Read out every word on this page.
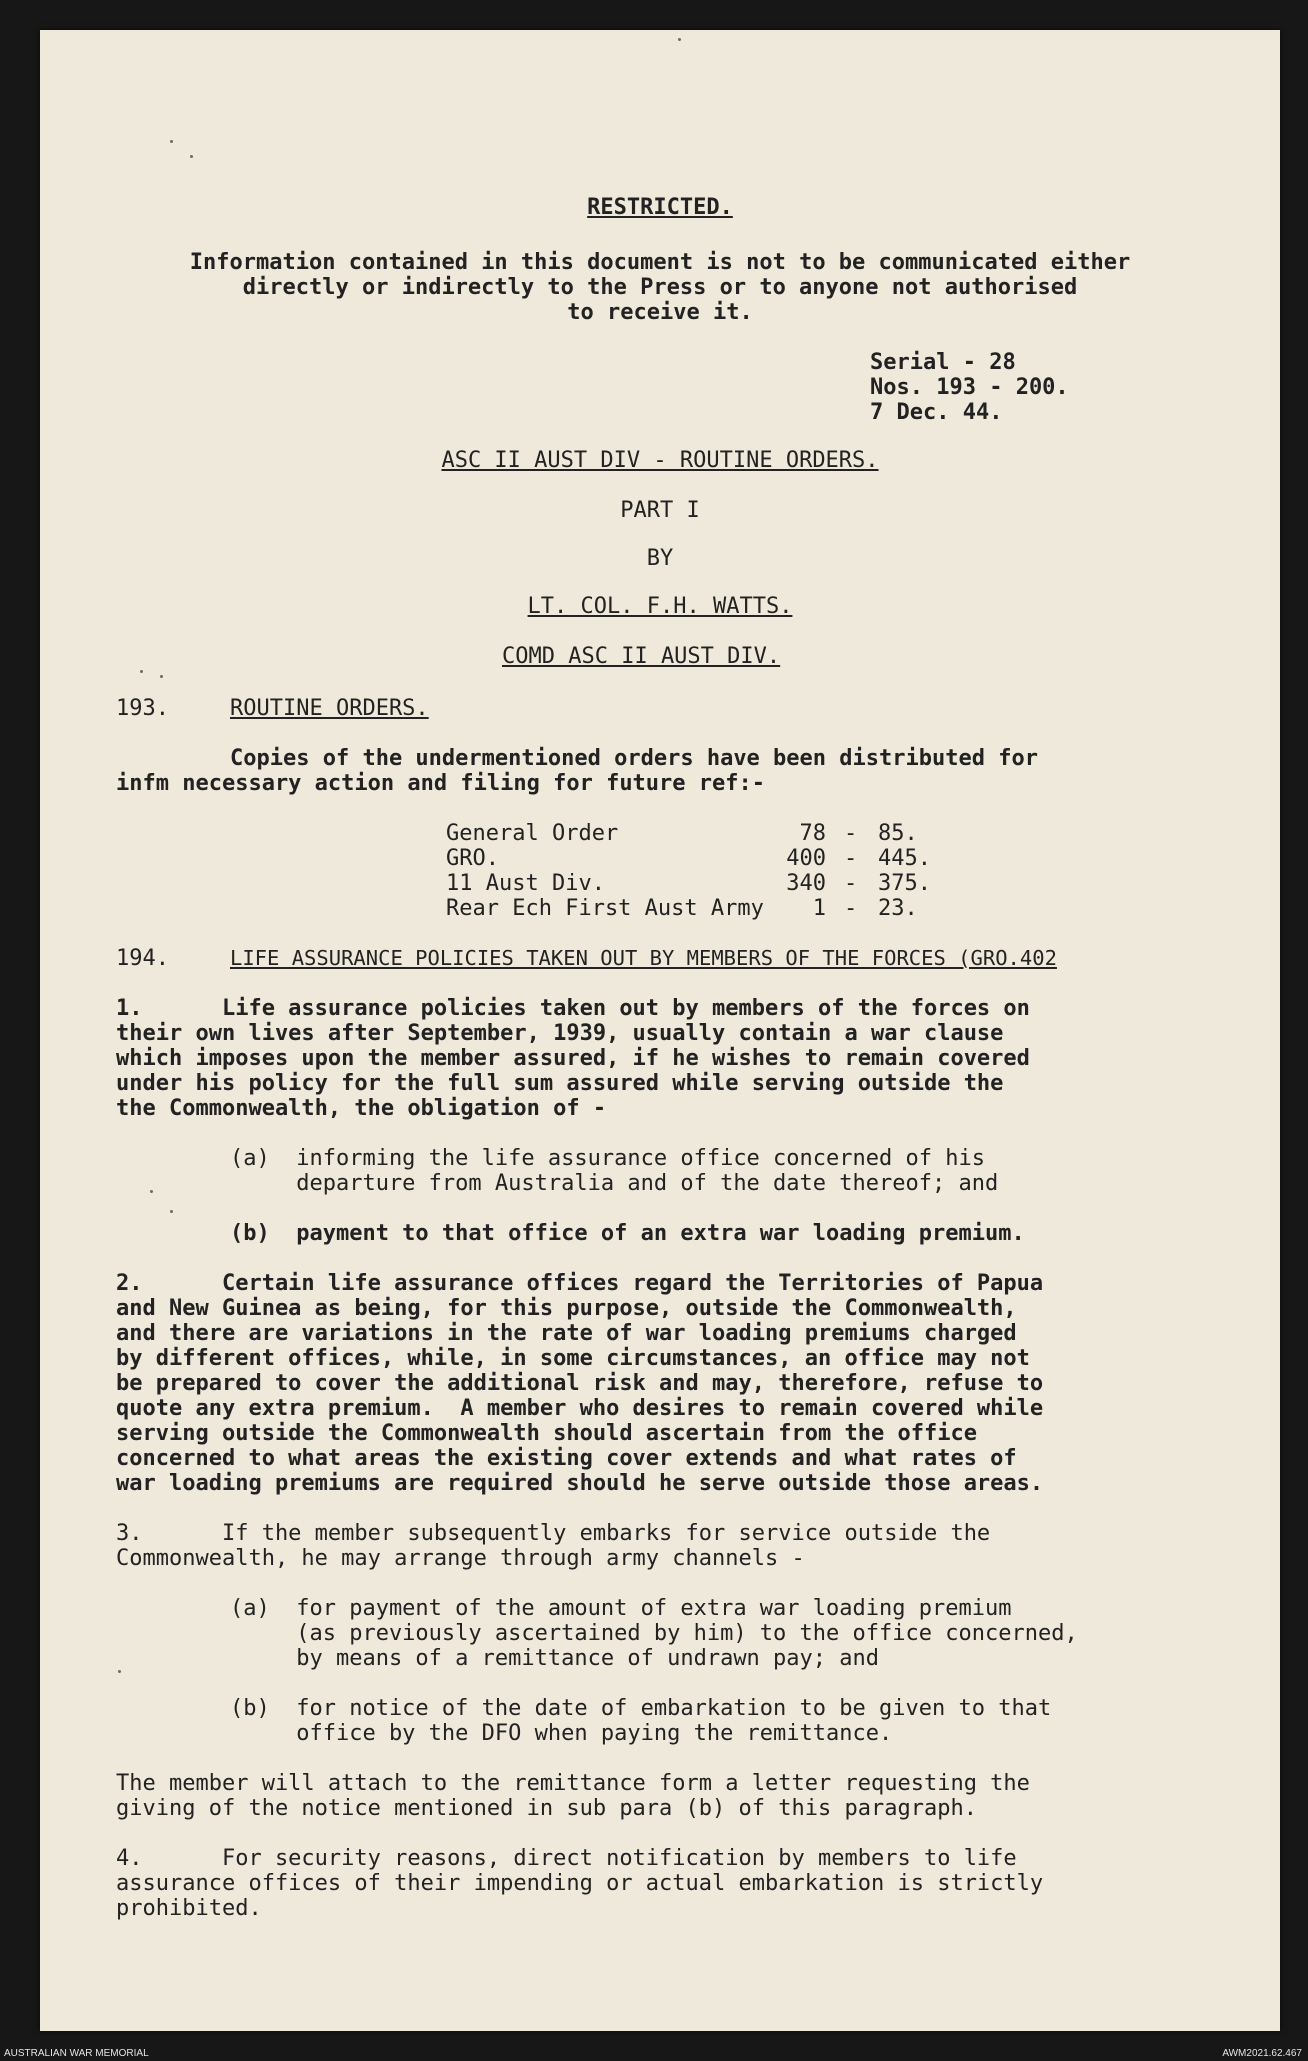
RESTRICTED.
Information contained in this document is not to be communicated either
directly or indirectly to the Press or to anyone not authorised
to receive it.
Serial - 28
Nos. 193 - 200.
7 Dec. 44.
ASC II AUST DIV - ROUTINE ORDERS.
PART I
BY
LT. COL. F.H. WATTS.
COMD ASC II AUST DIV.
193.	ROUTINE ORDERS.
Copies of the undermentioned orders have been distributed for
infm necessary action and filing for future ref:-
General Order	78 - 85.
GRO.	400 - 445.
11 Aust Div.	340 - 375.
Rear Ech First Aust Army	1 - 23.
194.	LIFE ASSURANCE POLICIES TAKEN OUT BY MEMBERS OF THE FORCES (GRO.402
1.      Life assurance policies taken out by members of the forces on
their own lives after September, 1939, usually contain a war clause
which imposes upon the member assured, if he wishes to remain covered
under his policy for the full sum assured while serving outside the
the Commonwealth, the obligation of -
(a)  informing the life assurance office concerned of his
departure from Australia and of the date thereof; and
(b)  payment to that office of an extra war loading premium.
2.      Certain life assurance offices regard the Territories of Papua
and New Guinea as being, for this purpose, outside the Commonwealth,
and there are variations in the rate of war loading premiums charged
by different offices, while, in some circumstances, an office may not
be prepared to cover the additional risk and may, therefore, refuse to
quote any extra premium.  A member who desires to remain covered while
serving outside the Commonwealth should ascertain from the office
concerned to what areas the existing cover extends and what rates of
war loading premiums are required should he serve outside those areas.
3.      If the member subsequently embarks for service outside the
Commonwealth, he may arrange through army channels -
(a)  for payment of the amount of extra war loading premium
(as previously ascertained by him) to the office concerned,
by means of a remittance of undrawn pay; and
(b)  for notice of the date of embarkation to be given to that
office by the DFO when paying the remittance.
The member will attach to the remittance form a letter requesting the
giving of the notice mentioned in sub para (b) of this paragraph.
4.      For security reasons, direct notification by members to life
assurance offices of their impending or actual embarkation is strictly
prohibited.
AUSTRALIAN WAR MEMORIAL	AWM2021.62.467
